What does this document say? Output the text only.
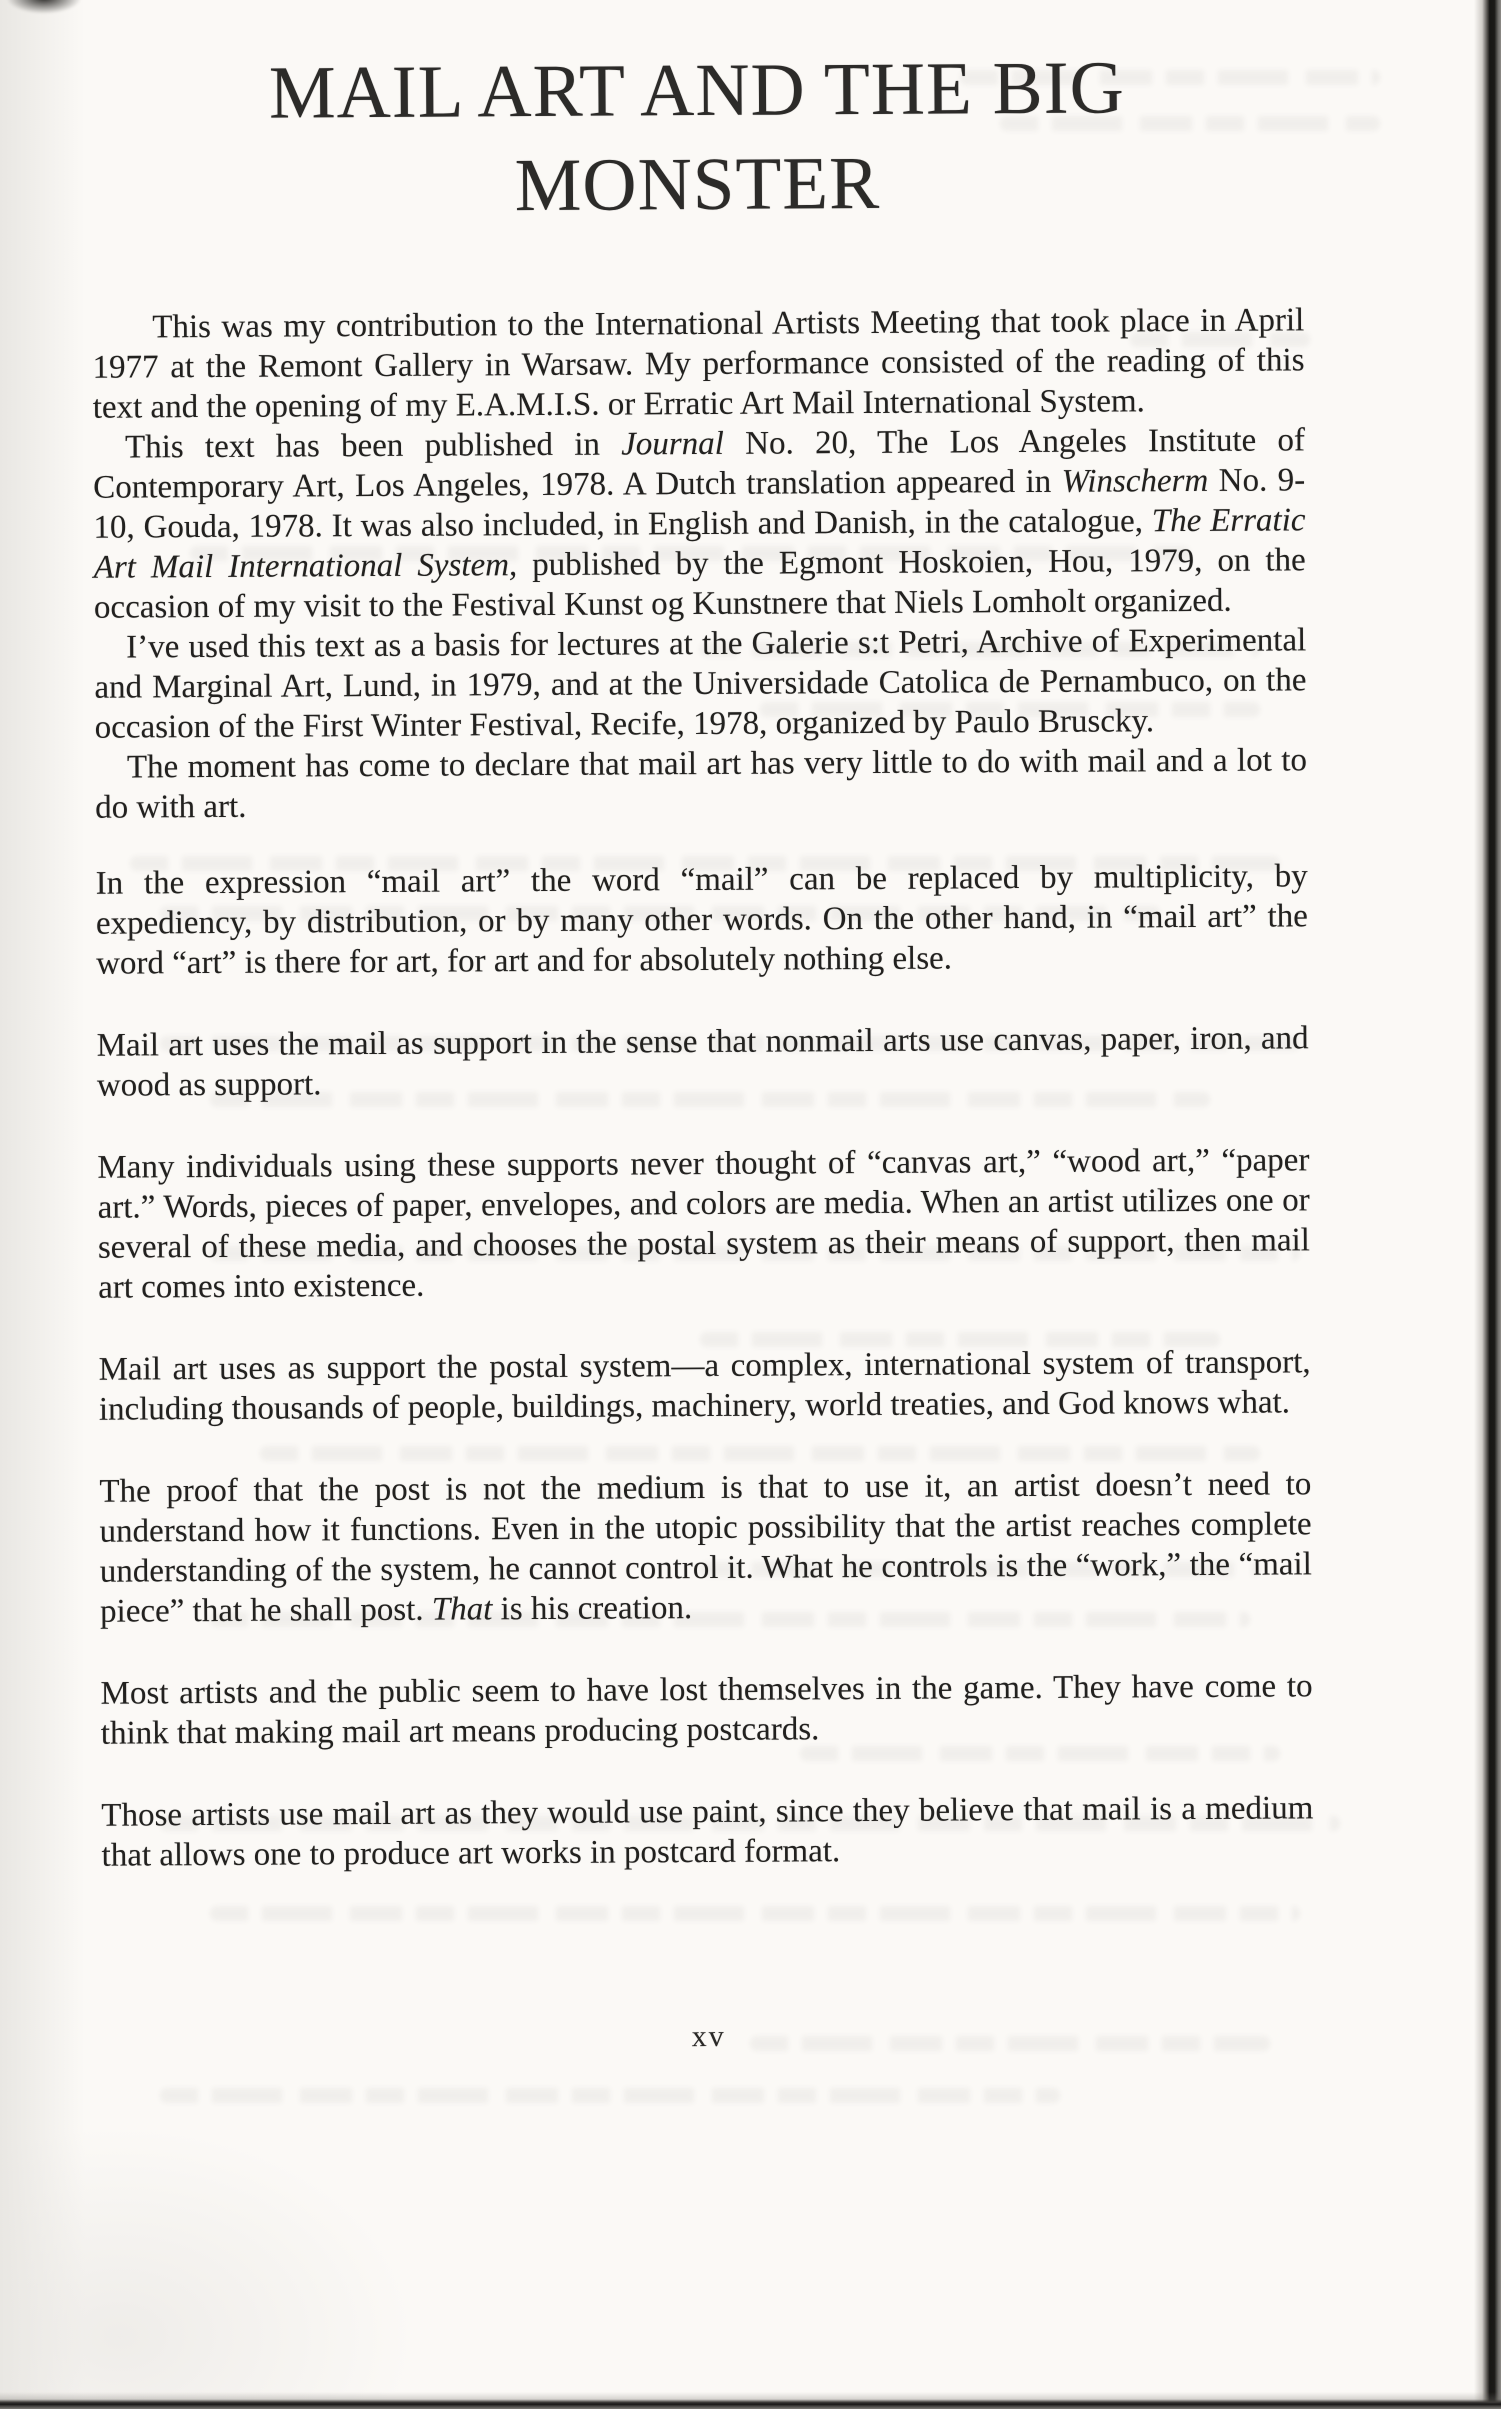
MAIL ART AND THE BIG
MONSTER

This was my contribution to the International Artists Meeting that took place in April 1977 at the Remont Gallery in Warsaw. My performance consisted of the reading of this text and the opening of my E.A.M.I.S. or Erratic Art Mail International System.

This text has been published in Journal No. 20, The Los Angeles Institute of Contemporary Art, Los Angeles, 1978. A Dutch translation appeared in Winscherm No. 9-10, Gouda, 1978. It was also included, in English and Danish, in the catalogue, The Erratic Art Mail International System, published by the Egmont Hoskoien, Hou, 1979, on the occasion of my visit to the Festival Kunst og Kunstnere that Niels Lomholt organized.

I’ve used this text as a basis for lectures at the Galerie s:t Petri, Archive of Experimental and Marginal Art, Lund, in 1979, and at the Universidade Catolica de Pernambuco, on the occasion of the First Winter Festival, Recife, 1978, organized by Paulo Bruscky.

The moment has come to declare that mail art has very little to do with mail and a lot to do with art.

In the expression “mail art” the word “mail” can be replaced by multiplicity, by expediency, by distribution, or by many other words. On the other hand, in “mail art” the word “art” is there for art, for art and for absolutely nothing else.

Mail art uses the mail as support in the sense that nonmail arts use canvas, paper, iron, and wood as support.

Many individuals using these supports never thought of “canvas art,” “wood art,” “paper art.” Words, pieces of paper, envelopes, and colors are media. When an artist utilizes one or several of these media, and chooses the postal system as their means of support, then mail art comes into existence.

Mail art uses as support the postal system—a complex, international system of transport, including thousands of people, buildings, machinery, world treaties, and God knows what.

The proof that the post is not the medium is that to use it, an artist doesn’t need to understand how it functions. Even in the utopic possibility that the artist reaches complete understanding of the system, he cannot control it. What he controls is the “work,” the “mail piece” that he shall post. That is his creation.

Most artists and the public seem to have lost themselves in the game. They have come to think that making mail art means producing postcards.

Those artists use mail art as they would use paint, since they believe that mail is a medium that allows one to produce art works in postcard format.

xv
